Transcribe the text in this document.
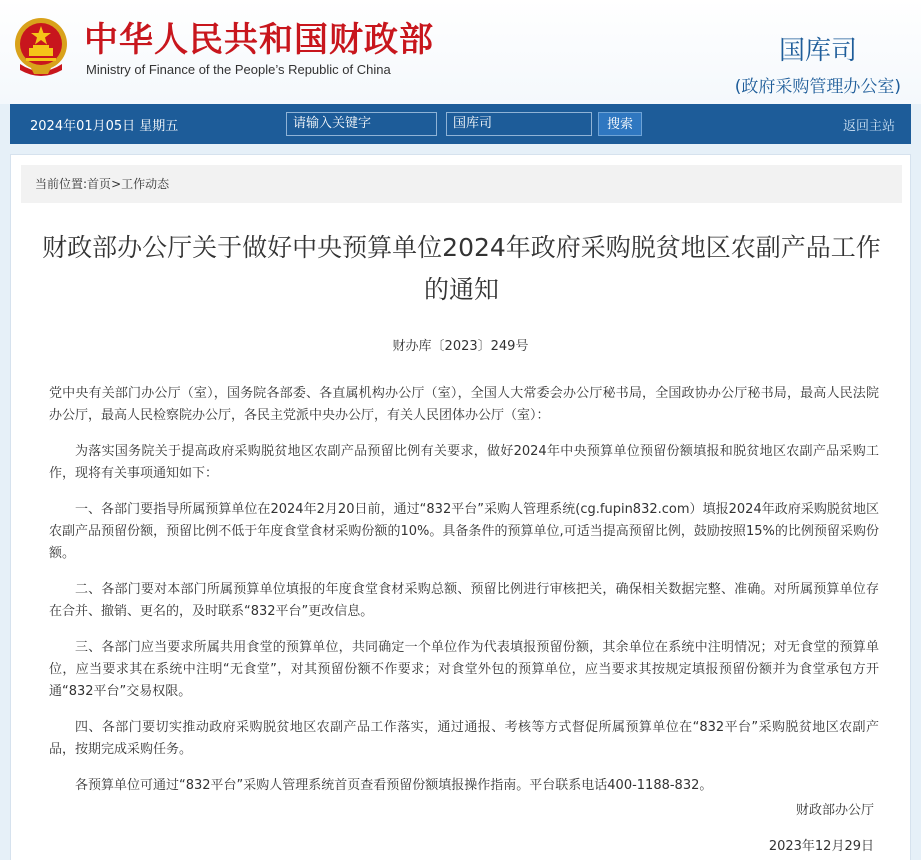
中华人民共和国财政部
Ministry of Finance of the People’s Republic of China
国库司
(政府采购管理办公室)
2024年01月05日 星期五	请输入关键字	国库司	搜索	返回主站
当前位置:首页>工作动态
财政部办公厅关于做好中央预算单位2024年政府采购脱贫地区农副产品工作的通知
财办库〔2023〕249号

党中央有关部门办公厅（室），国务院各部委、各直属机构办公厅（室），全国人大常委会办公厅秘书局，全国政协办公厅秘书局，最高人民法院办公厅，最高人民检察院办公厅，各民主党派中央办公厅，有关人民团体办公厅（室）：

为落实国务院关于提高政府采购脱贫地区农副产品预留比例有关要求，做好2024年中央预算单位预留份额填报和脱贫地区农副产品采购工作，现将有关事项通知如下：

一、各部门要指导所属预算单位在2024年2月20日前，通过“832平台”采购人管理系统(cg.fupin832.com）填报2024年政府采购脱贫地区农副产品预留份额，预留比例不低于年度食堂食材采购份额的10%。具备条件的预算单位,可适当提高预留比例，鼓励按照15%的比例预留采购份额。

二、各部门要对本部门所属预算单位填报的年度食堂食材采购总额、预留比例进行审核把关，确保相关数据完整、准确。对所属预算单位存在合并、撤销、更名的，及时联系“832平台”更改信息。

三、各部门应当要求所属共用食堂的预算单位，共同确定一个单位作为代表填报预留份额，其余单位在系统中注明情况；对无食堂的预算单位，应当要求其在系统中注明“无食堂”，对其预留份额不作要求；对食堂外包的预算单位，应当要求其按规定填报预留份额并为食堂承包方开通“832平台”交易权限。

四、各部门要切实推动政府采购脱贫地区农副产品工作落实，通过通报、考核等方式督促所属预算单位在“832平台”采购脱贫地区农副产品，按期完成采购任务。

各预算单位可通过“832平台”采购人管理系统首页查看预留份额填报操作指南。平台联系电话400-1188-832。

财政部办公厅
2023年12月29日
